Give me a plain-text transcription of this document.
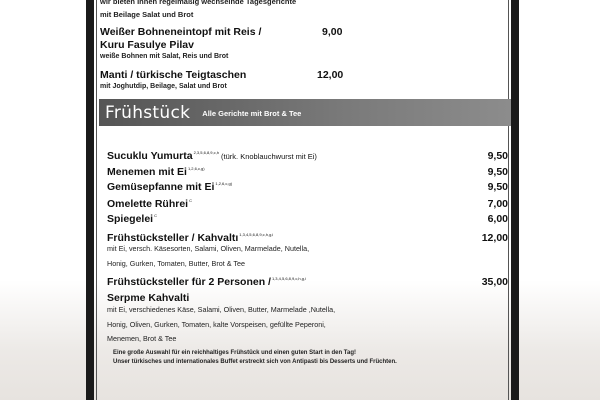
wir bieten Ihnen regelmäßig wechselnde Tagesgerichte
mit Beilage Salat und Brot
Weißer Bohneneintopf mit Reis /
Kuru Fasulye Pilav
weiße Bohnen mit Salat, Reis und Brot
9,00
Manti / türkische Teigtaschen
mit Joghutdip, Beilage, Salat und Brot
12,00
Frühstück Alle Gerichte mit Brot & Tee
Sucuklu Yumurta$^{2,3,5,6,8,9,c,h}$ (türk. Knoblauchwurst mit Ei)	9,50
Menemen mit Ei$^{1,2,6,c,g)}$	9,50
Gemüsepfanne mit Ei$^{1,2,6,c,g)}$	9,50
Omelette Rührei$^C$	7,00
Spiegelei$^C$	6,00
Frühstücksteller / Kahvaltı$^{1,3,4,5,6,8,9,c,h,g,i}$	12,00
mit Ei, versch. Käsesorten, Salami, Oliven, Marmelade, Nutella,
Honig, Gurken, Tomaten, Butter, Brot & Tee
Frühstücksteller für 2 Personen /$^{1,3,4,5,6,8,9,c,h,g,i}$
Serpme Kahvalti
35,00
mit Ei, verschiedenes Käse, Salami, Oliven, Butter, Marmelade ,Nutella,
Honig, Oliven, Gurken, Tomaten, kalte Vorspeisen, gefüllte Peperoni,
Menemen, Brot & Tee
Eine große Auswahl für ein reichhaltiges Frühstück und einen guten Start in den Tag!
Unser türkisches und internationales Buffet erstreckt sich von Antipasti bis Desserts und Früchten.
